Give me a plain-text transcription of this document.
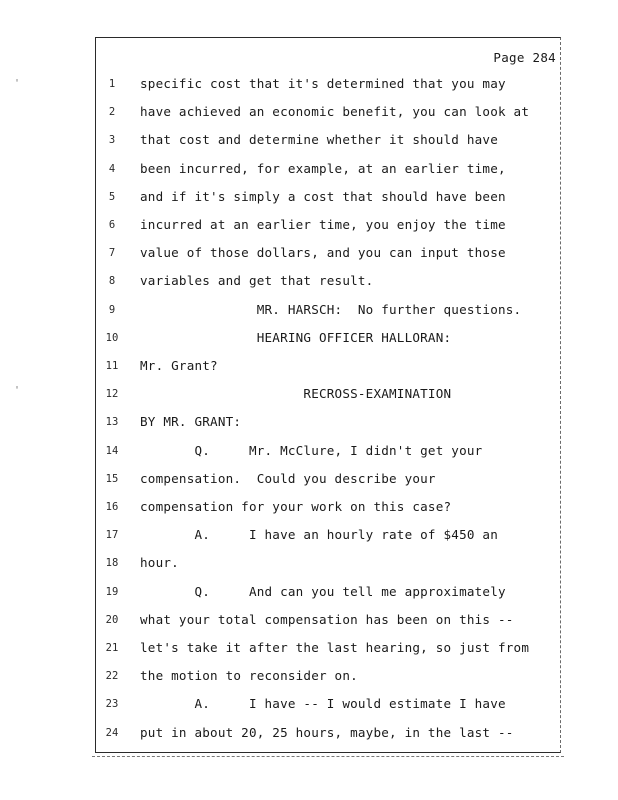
'
'
Page 284
1	specific cost that it's determined that you may
2	have achieved an economic benefit, you can look at
3	that cost and determine whether it should have
4	been incurred, for example, at an earlier time,
5	and if it's simply a cost that should have been
6	incurred at an earlier time, you enjoy the time
7	value of those dollars, and you can input those
8	variables and get that result.
9	MR. HARSCH:  No further questions.
10	HEARING OFFICER HALLORAN:
11	Mr. Grant?
12	RECROSS-EXAMINATION
13	BY MR. GRANT:
14	Q.     Mr. McClure, I didn't get your
15	compensation.  Could you describe your
16	compensation for your work on this case?
17	A.     I have an hourly rate of $450 an
18	hour.
19	Q.     And can you tell me approximately
20	what your total compensation has been on this --
21	let's take it after the last hearing, so just from
22	the motion to reconsider on.
23	A.     I have -- I would estimate I have
24	put in about 20, 25 hours, maybe, in the last --
